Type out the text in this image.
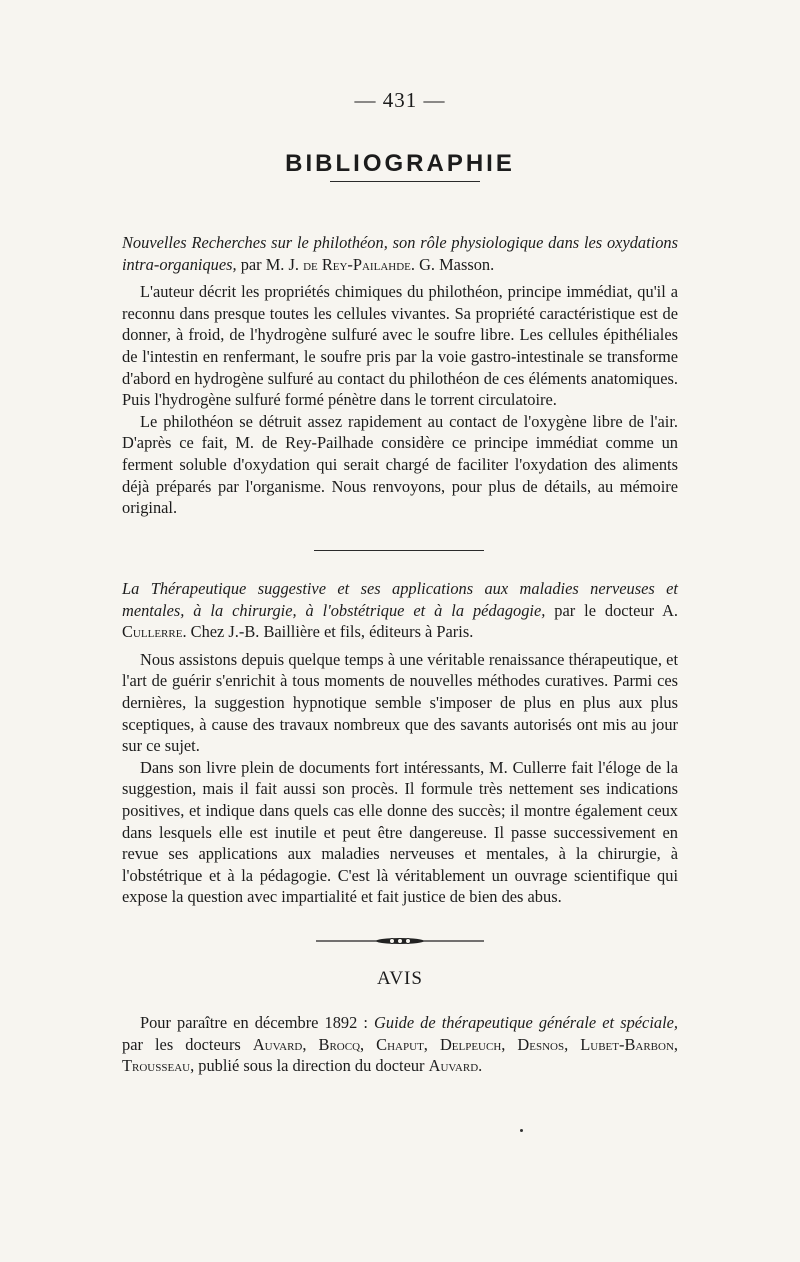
— 431 —
BIBLIOGRAPHIE

Nouvelles Recherches sur le philothéon, son rôle physiologique dans les oxydations intra-organiques, par M. J. de Rey-Pailahde. G. Masson.

L'auteur décrit les propriétés chimiques du philothéon, principe immédiat, qu'il a reconnu dans presque toutes les cellules vivantes. Sa propriété caractéristique est de donner, à froid, de l'hydrogène sulfuré avec le soufre libre. Les cellules épithéliales de l'intestin en renfermant, le soufre pris par la voie gastro-intestinale se transforme d'abord en hydrogène sulfuré au contact du philothéon de ces éléments anatomiques. Puis l'hydrogène sulfuré formé pénètre dans le torrent circulatoire.

Le philothéon se détruit assez rapidement au contact de l'oxygène libre de l'air. D'après ce fait, M. de Rey-Pailhade considère ce principe immédiat comme un ferment soluble d'oxydation qui serait chargé de faciliter l'oxydation des aliments déjà préparés par l'organisme. Nous renvoyons, pour plus de détails, au mémoire original.

La Thérapeutique suggestive et ses applications aux maladies nerveuses et mentales, à la chirurgie, à l'obstétrique et à la pédagogie, par le docteur A. Cullerre. Chez J.-B. Baillière et fils, éditeurs à Paris.

Nous assistons depuis quelque temps à une véritable renaissance thérapeutique, et l'art de guérir s'enrichit à tous moments de nouvelles méthodes curatives. Parmi ces dernières, la suggestion hypnotique semble s'imposer de plus en plus aux plus sceptiques, à cause des travaux nombreux que des savants autorisés ont mis au jour sur ce sujet.

Dans son livre plein de documents fort intéressants, M. Cullerre fait l'éloge de la suggestion, mais il fait aussi son procès. Il formule très nettement ses indications positives, et indique dans quels cas elle donne des succès; il montre également ceux dans lesquels elle est inutile et peut être dangereuse. Il passe successivement en revue ses applications aux maladies nerveuses et mentales, à la chirurgie, à l'obstétrique et à la pédagogie. C'est là véritablement un ouvrage scientifique qui expose la question avec impartialité et fait justice de bien des abus.

AVIS

Pour paraître en décembre 1892 : Guide de thérapeutique générale et spéciale, par les docteurs Auvard, Brocq, Chaput, Delpeuch, Desnos, Lubet-Barbon, Trousseau, publié sous la direction du docteur Auvard.
